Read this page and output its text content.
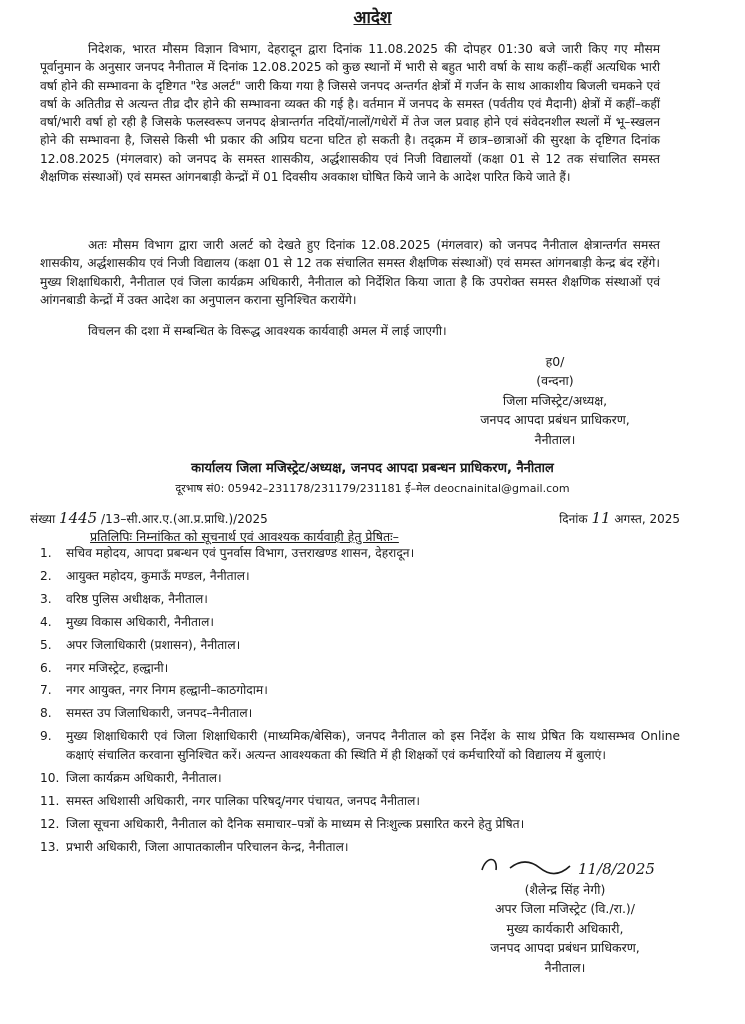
आदेश
निदेशक, भारत मौसम विज्ञान विभाग, देहरादून द्वारा दिनांक 11.08.2025 की दोपहर 01:30 बजे जारी किए गए मौसम पूर्वानुमान के अनुसार जनपद नैनीताल में दिनांक 12.08.2025 को कुछ स्थानों में भारी से बहुत भारी वर्षा के साथ कहीं–कहीं अत्यधिक भारी वर्षा होने की सम्भावना के दृष्टिगत "रेड अलर्ट" जारी किया गया है जिससे जनपद अन्तर्गत क्षेत्रों में गर्जन के साथ आकाशीय बिजली चमकने एवं वर्षा के अतितीव्र से अत्यन्त तीव्र दौर होने की सम्भावना व्यक्त की गई है। वर्तमान में जनपद के समस्त (पर्वतीय एवं मैदानी) क्षेत्रों में कहीं–कहीं वर्षा/भारी वर्षा हो रही है जिसके फलस्वरूप जनपद क्षेत्रान्तर्गत नदियों/नालों/गधेरों में तेज जल प्रवाह होने एवं संवेदनशील स्थलों में भू–स्खलन होने की सम्भावना है, जिससे किसी भी प्रकार की अप्रिय घटना घटित हो सकती है। तद्क्रम में छात्र–छात्राओं की सुरक्षा के दृष्टिगत दिनांक 12.08.2025 (मंगलवार) को जनपद के समस्त शासकीय, अर्द्धशासकीय एवं निजी विद्यालयों (कक्षा 01 से 12 तक संचालित समस्त शैक्षणिक संस्थाओं) एवं समस्त आंगनबाड़ी केन्द्रों में 01 दिवसीय अवकाश घोषित किये जाने के आदेश पारित किये जाते हैं।
अतः मौसम विभाग द्वारा जारी अलर्ट को देखते हुए दिनांक 12.08.2025 (मंगलवार) को जनपद नैनीताल क्षेत्रान्तर्गत समस्त शासकीय, अर्द्धशासकीय एवं निजी विद्यालय (कक्षा 01 से 12 तक संचालित समस्त शैक्षणिक संस्थाओं) एवं समस्त आंगनबाड़ी केन्द्र बंद रहेंगे। मुख्य शिक्षाधिकारी, नैनीताल एवं जिला कार्यक्रम अधिकारी, नैनीताल को निर्देशित किया जाता है कि उपरोक्त समस्त शैक्षणिक संस्थाओं एवं आंगनबाडी केन्द्रों में उक्त आदेश का अनुपालन कराना सुनिश्चित करायेंगे।
विचलन की दशा में सम्बन्धित के विरूद्ध आवश्यक कार्यवाही अमल में लाई जाएगी।
ह0/
(वन्दना)
जिला मजिस्ट्रेट/अध्यक्ष,
जनपद आपदा प्रबंधन प्राधिकरण,
नैनीताल।
कार्यालय जिला मजिस्ट्रेट/अध्यक्ष, जनपद आपदा प्रबन्धन प्राधिकरण, नैनीताल
दूरभाष सं0: 05942–231178/231179/231181 ई–मेल deocnainital@gmail.com
संख्या 1445 /13–सी.आर.ए.(आ.प्र.प्राधि.)/2025	दिनांक 11 अगस्त, 2025
प्रतिलिपिः निम्नांकित को सूचनार्थ एवं आवश्यक कार्यवाही हेतु प्रेषितः–
1.	सचिव महोदय, आपदा प्रबन्धन एवं पुनर्वास विभाग, उत्तराखण्ड शासन, देहरादून।
2.	आयुक्त महोदय, कुमाऊँ मण्डल, नैनीताल।
3.	वरिष्ठ पुलिस अधीक्षक, नैनीताल।
4.	मुख्य विकास अधिकारी, नैनीताल।
5.	अपर जिलाधिकारी (प्रशासन), नैनीताल।
6.	नगर मजिस्ट्रेट, हल्द्वानी।
7.	नगर आयुक्त, नगर निगम हल्द्वानी–काठगोदाम।
8.	समस्त उप जिलाधिकारी, जनपद–नैनीताल।
9.	मुख्य शिक्षाधिकारी एवं जिला शिक्षाधिकारी (माध्यमिक/बेसिक), जनपद नैनीताल को इस निर्देश के साथ प्रेषित कि यथासम्भव Online कक्षाएं संचालित करवाना सुनिश्चित करें। अत्यन्त आवश्यकता की स्थिति में ही शिक्षकों एवं कर्मचारियों को विद्यालय में बुलाएं।
10. जिला कार्यक्रम अधिकारी, नैनीताल।
11. समस्त अधिशासी अधिकारी, नगर पालिका परिषद्/नगर पंचायत, जनपद नैनीताल।
12. जिला सूचना अधिकारी, नैनीताल को दैनिक समाचार–पत्रों के माध्यम से निःशुल्क प्रसारित करने हेतु प्रेषित।
13. प्रभारी अधिकारी, जिला आपातकालीन परिचालन केन्द्र, नैनीताल।
11/8/2025
(शैलेन्द्र सिंह नेगी)
अपर जिला मजिस्ट्रेट (वि./रा.)/
मुख्य कार्यकारी अधिकारी,
जनपद आपदा प्रबंधन प्राधिकरण,
नैनीताल।
